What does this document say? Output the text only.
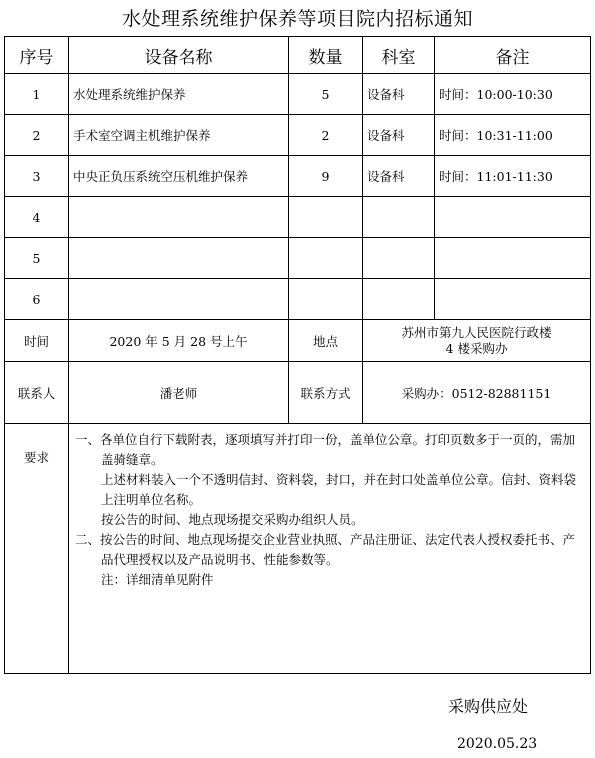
水处理系统维护保养等项目院内招标通知
序号	设备名称	数量	科室	备注
1	水处理系统维护保养	5	设备科	时间：10:00-10:30
2	手术室空调主机维护保养	2	设备科	时间：10:31-11:00
3	中央正负压系统空压机维护保养	9	设备科	时间：11:01-11:30
4				
5				
6				
时间	2020 年 5 月 28 号上午	地点	苏州市第九人民医院行政楼
4 楼采购办	

联系人	潘老师	联系方式	采购办：0512-82881151	
要求	一、各单位自行下载附表，逐项填写并打印一份，盖单位公章。打印页数多于一页的，需加盖骑缝章。

上述材料装入一个不透明信封、资料袋，封口，并在封口处盖单位公章。信封、资料袋上注明单位名称。

按公告的时间、地点现场提交采购办组织人员。

二、按公告的时间、地点现场提交企业营业执照、产品注册证、法定代表人授权委托书、产品代理授权以及产品说明书、性能参数等。

注：详细清单见附件			

采购供应处
2020.05.23
